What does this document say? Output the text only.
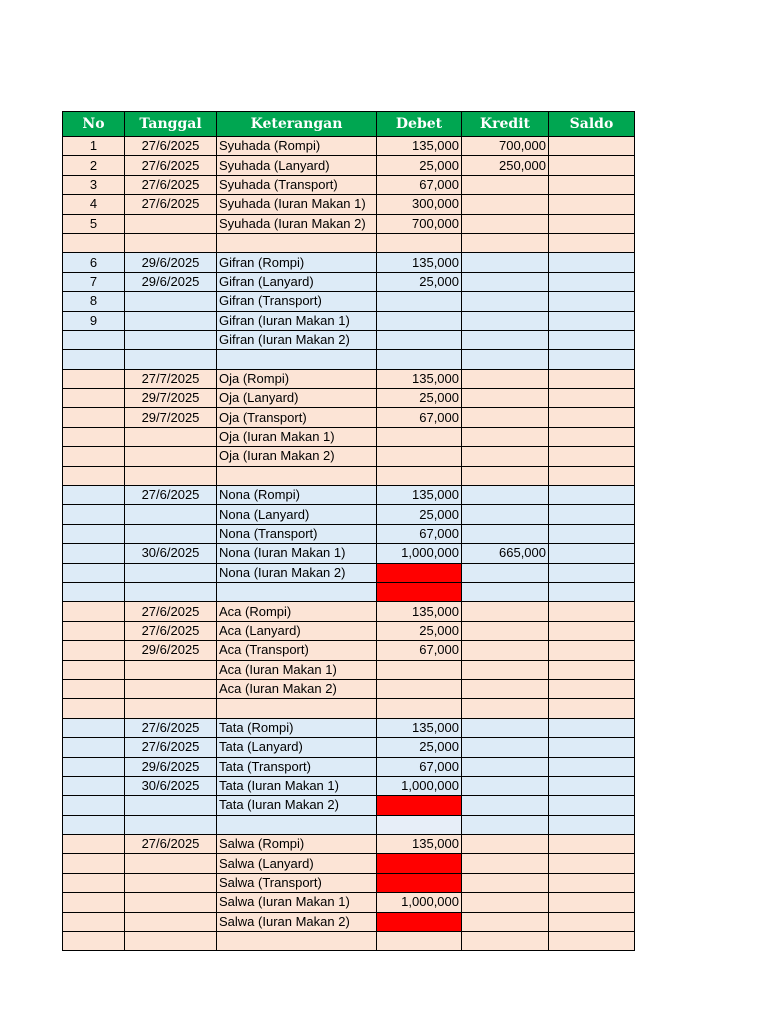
No	Tanggal	Keterangan	Debet	Kredit	Saldo
1	27/6/2025	Syuhada (Rompi)	135,000	700,000	
2	27/6/2025	Syuhada (Lanyard)	25,000	250,000	
3	27/6/2025	Syuhada (Transport)	67,000		
4	27/6/2025	Syuhada (Iuran Makan 1)	300,000		
5		Syuhada (Iuran Makan 2)	700,000		

6	29/6/2025	Gifran (Rompi)	135,000		
7	29/6/2025	Gifran (Lanyard)	25,000		
8		Gifran (Transport)			
9		Gifran (Iuran Makan 1)			
		Gifran (Iuran Makan 2)			

	27/7/2025	Oja (Rompi)	135,000		
	29/7/2025	Oja (Lanyard)	25,000		
	29/7/2025	Oja (Transport)	67,000		
		Oja (Iuran Makan 1)			
		Oja (Iuran Makan 2)			

	27/6/2025	Nona (Rompi)	135,000		
		Nona (Lanyard)	25,000		
		Nona (Transport)	67,000		
	30/6/2025	Nona (Iuran Makan 1)	1,000,000	665,000	
		Nona (Iuran Makan 2)			

	27/6/2025	Aca (Rompi)	135,000		
	27/6/2025	Aca (Lanyard)	25,000		
	29/6/2025	Aca (Transport)	67,000		
		Aca (Iuran Makan 1)			
		Aca (Iuran Makan 2)			

	27/6/2025	Tata (Rompi)	135,000		
	27/6/2025	Tata (Lanyard)	25,000		
	29/6/2025	Tata (Transport)	67,000		
	30/6/2025	Tata (Iuran Makan 1)	1,000,000		
		Tata (Iuran Makan 2)			

	27/6/2025	Salwa (Rompi)	135,000		
		Salwa (Lanyard)			
		Salwa (Transport)			
		Salwa (Iuran Makan 1)	1,000,000		
		Salwa (Iuran Makan 2)			
